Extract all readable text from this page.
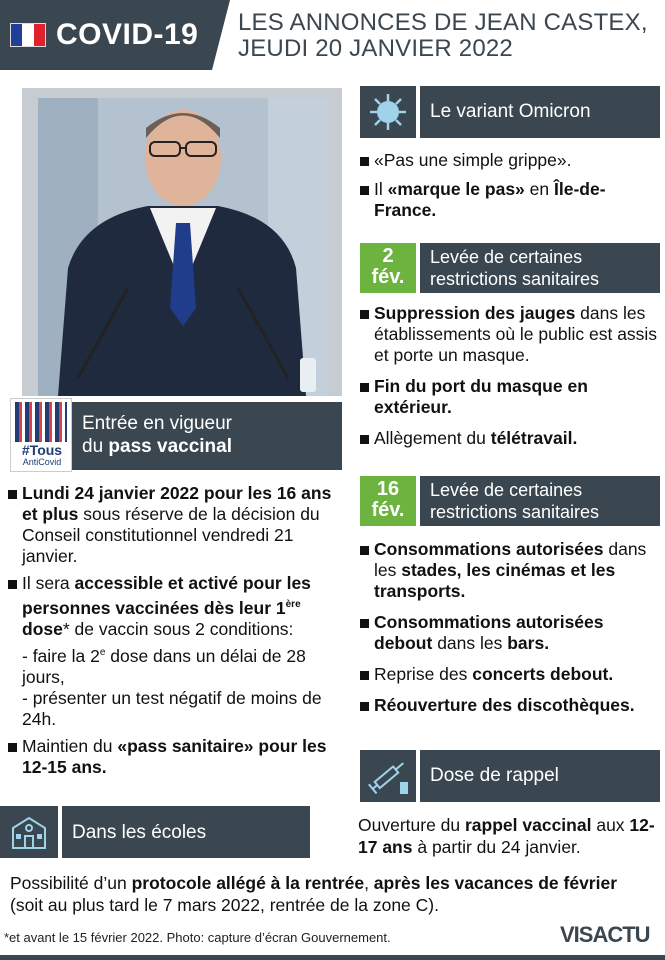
COVID-19 LES ANNONCES DE JEAN CASTEX,
JEUDI 20 JANVIER 2022
#Tous
AntiCovid
Entrée en vigueur
du pass vaccinal
Lundi 24 janvier 2022 pour les 16 ans et plus sous réserve de la décision du Conseil constitutionnel vendredi 21 janvier.
Il sera accessible et activé pour les personnes vaccinées dès leur 1ère dose* de vaccin sous 2 conditions:
- faire la 2e dose dans un délai de 28 jours,
- présenter un test négatif de moins de 24h.
Maintien du «pass sanitaire» pour les 12-15 ans.
Dans les écoles
Possibilité d’un protocole allégé à la rentrée, après les vacances de février (soit au plus tard le 7 mars 2022, rentrée de la zone C).
Le variant Omicron
«Pas une simple grippe».
Il «marque le pas» en Île-de-France.
2
fév.
Levée de certaines
restrictions sanitaires
Suppression des jauges dans les établissements où le public est assis et porte un masque.
Fin du port du masque en extérieur.
Allègement du télétravail.
16
fév.
Levée de certaines
restrictions sanitaires
Consommations autorisées dans les stades, les cinémas et les transports.
Consommations autorisées debout dans les bars.
Reprise des concerts debout.
Réouverture des discothèques.
Dose de rappel
Ouverture du rappel vaccinal aux 12-17 ans à partir du 24 janvier.
*et avant le 15 février 2022. Photo: capture d’écran Gouvernement.	VISACTU
